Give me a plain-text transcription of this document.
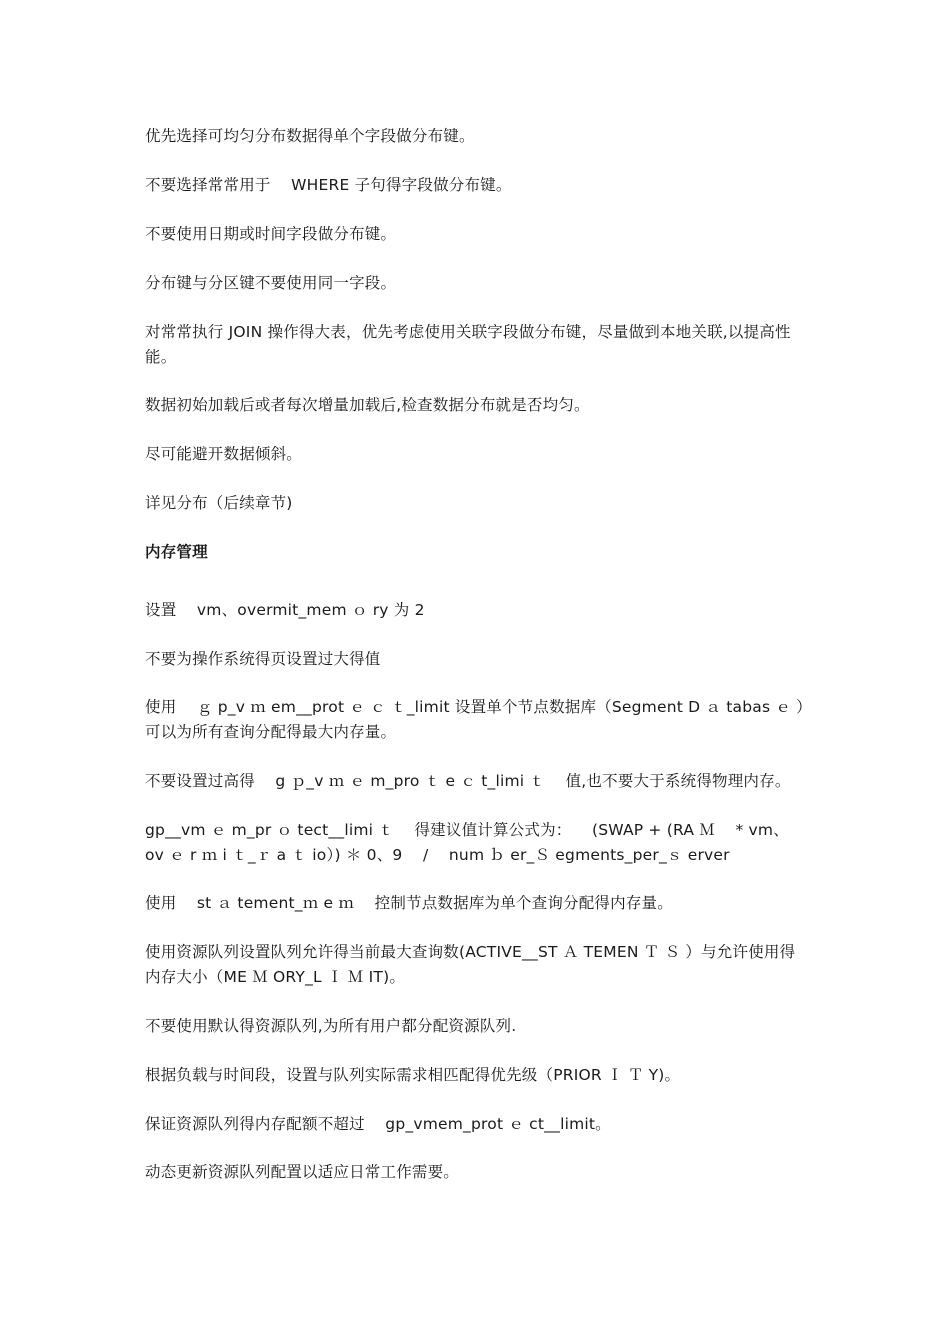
优先选择可均匀分布数据得单个字段做分布键。

不要选择常常用于    WHERE 子句得字段做分布键。

不要使用日期或时间字段做分布键。

分布键与分区键不要使用同一字段。

对常常执行 JOIN 操作得大表，优先考虑使用关联字段做分布键，尽量做到本地关联,以提高性能。

数据初始加载后或者每次增量加载后,检查数据分布就是否均匀。

尽可能避开数据倾斜。

详见分布（后续章节)

内存管理

设置    vm、overmit_mem ｏ ry 为 2

不要为操作系统得页设置过大得值

使用    ｇ p_v ｍ em__prot ｅ ｃ ｔ_limit 设置单个节点数据库（Segment D ａ tabas ｅ ）可以为所有查询分配得最大内存量。

不要设置过高得    g ｐ_v ｍ ｅ m_pro ｔ e ｃ t_limi ｔ    值,也不要大于系统得物理内存。

gp__vm ｅ m_pr ｏ tect__limi ｔ    得建议值计算公式为：    (SWAP + (RA Ｍ    * vm、ov ｅ r ｍ i ｔ_ｒ a ｔ io）) ＊ 0、9    /    num ｂ er_Ｓ egments_per_ｓ erver

使用    st ａ tement_ｍ e ｍ    控制节点数据库为单个查询分配得内存量。

使用资源队列设置队列允许得当前最大查询数(ACTIVE__ST Ａ TEMEN Ｔ Ｓ ）与允许使用得内存大小（ME Ｍ ORY_L Ｉ Ｍ IT)。

不要使用默认得资源队列,为所有用户都分配资源队列.

根据负载与时间段，设置与队列实际需求相匹配得优先级（PRIOR Ｉ Ｔ Y)。

保证资源队列得内存配额不超过    gp_vmem_prot ｅ ct__limit。

动态更新资源队列配置以适应日常工作需要。
